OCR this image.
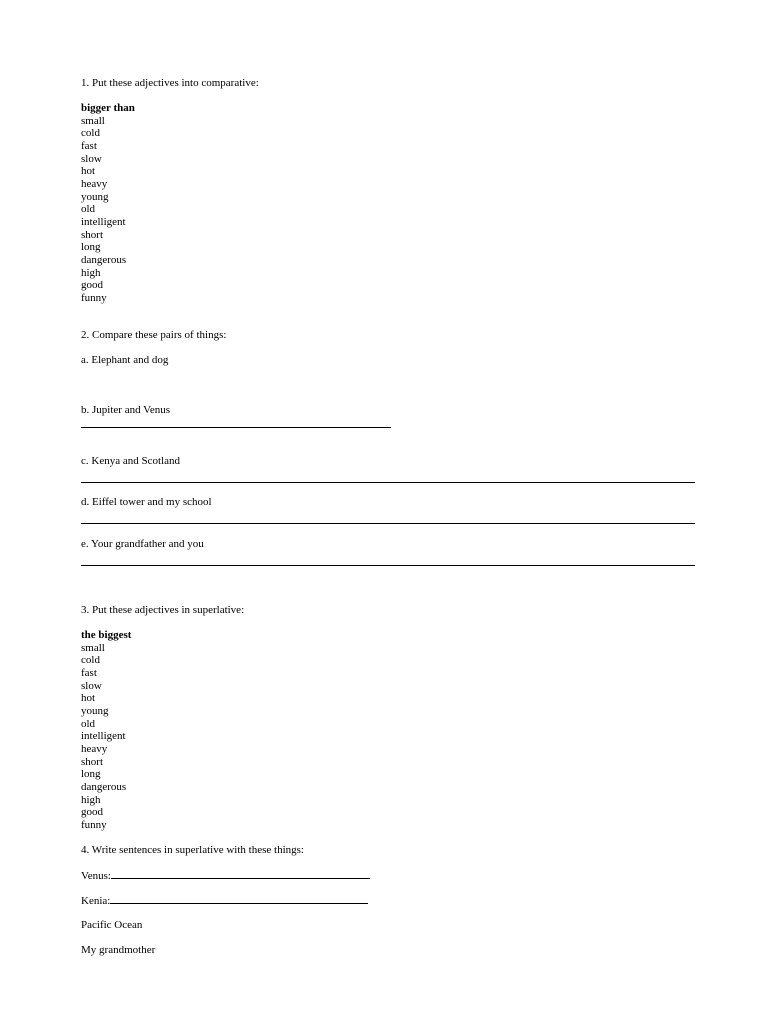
1. Put these adjectives into comparative:
bigger than
small
cold
fast
slow
hot
heavy
young
old
intelligent
short
long
dangerous
high
good
funny
2. Compare these pairs of things:
a. Elephant and dog
b. Jupiter and Venus
c. Kenya and Scotland
d. Eiffel tower and my school
e. Your grandfather and you
3. Put these adjectives in superlative:
the biggest
small
cold
fast
slow
hot
young
old
intelligent
heavy
short
long
dangerous
high
good
funny
4. Write sentences in superlative with these things:
Venus:
Kenia:
Pacific Ocean
My grandmother
